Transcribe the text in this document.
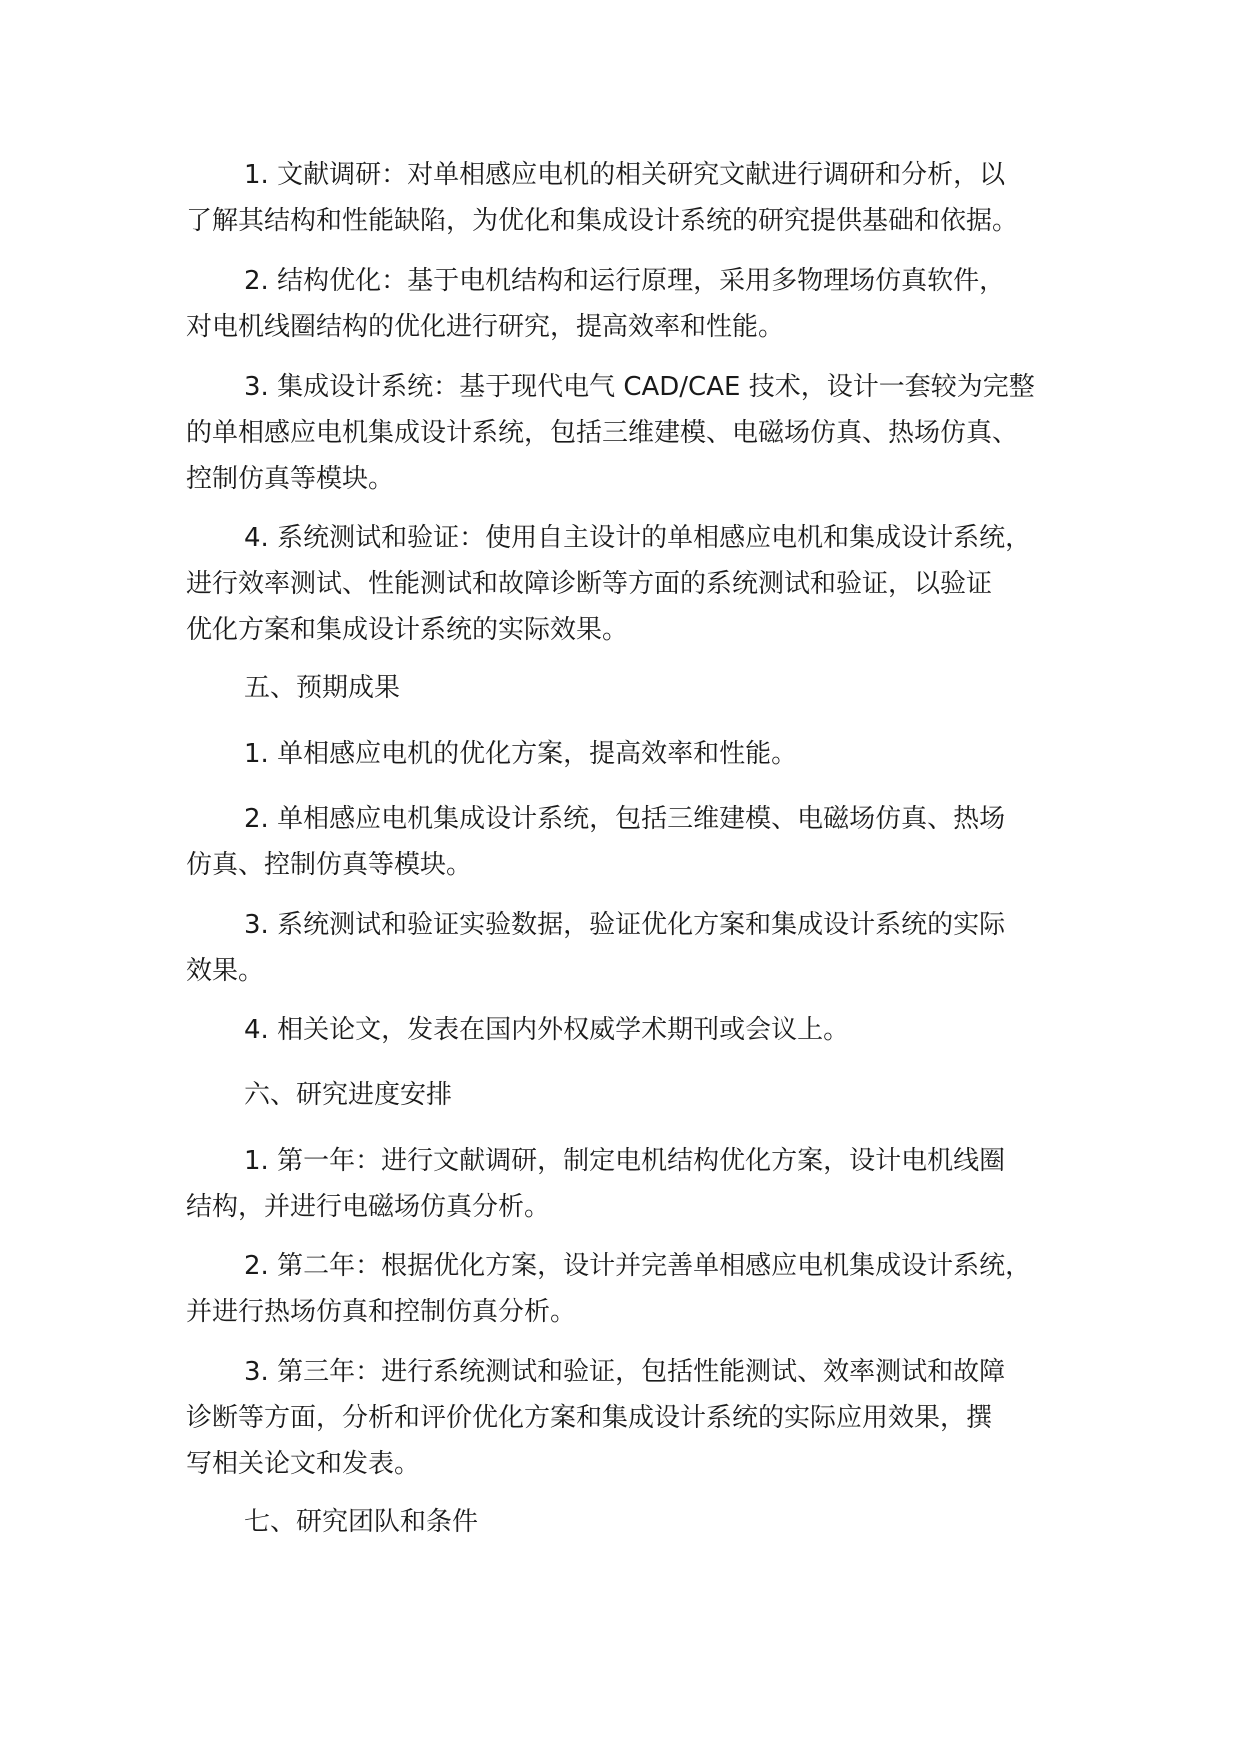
1. 文献调研：对单相感应电机的相关研究文献进行调研和分析，以
了解其结构和性能缺陷，为优化和集成设计系统的研究提供基础和依据。
2. 结构优化：基于电机结构和运行原理，采用多物理场仿真软件，
对电机线圈结构的优化进行研究，提高效率和性能。
3. 集成设计系统：基于现代电气 CAD/CAE 技术，设计一套较为完整
的单相感应电机集成设计系统，包括三维建模、电磁场仿真、热场仿真、
控制仿真等模块。
4. 系统测试和验证：使用自主设计的单相感应电机和集成设计系统，
进行效率测试、性能测试和故障诊断等方面的系统测试和验证，以验证
优化方案和集成设计系统的实际效果。
五、预期成果
1. 单相感应电机的优化方案，提高效率和性能。
2. 单相感应电机集成设计系统，包括三维建模、电磁场仿真、热场
仿真、控制仿真等模块。
3. 系统测试和验证实验数据，验证优化方案和集成设计系统的实际
效果。
4. 相关论文，发表在国内外权威学术期刊或会议上。
六、研究进度安排
1. 第一年：进行文献调研，制定电机结构优化方案，设计电机线圈
结构，并进行电磁场仿真分析。
2. 第二年：根据优化方案，设计并完善单相感应电机集成设计系统，
并进行热场仿真和控制仿真分析。
3. 第三年：进行系统测试和验证，包括性能测试、效率测试和故障
诊断等方面，分析和评价优化方案和集成设计系统的实际应用效果，撰
写相关论文和发表。
七、研究团队和条件
